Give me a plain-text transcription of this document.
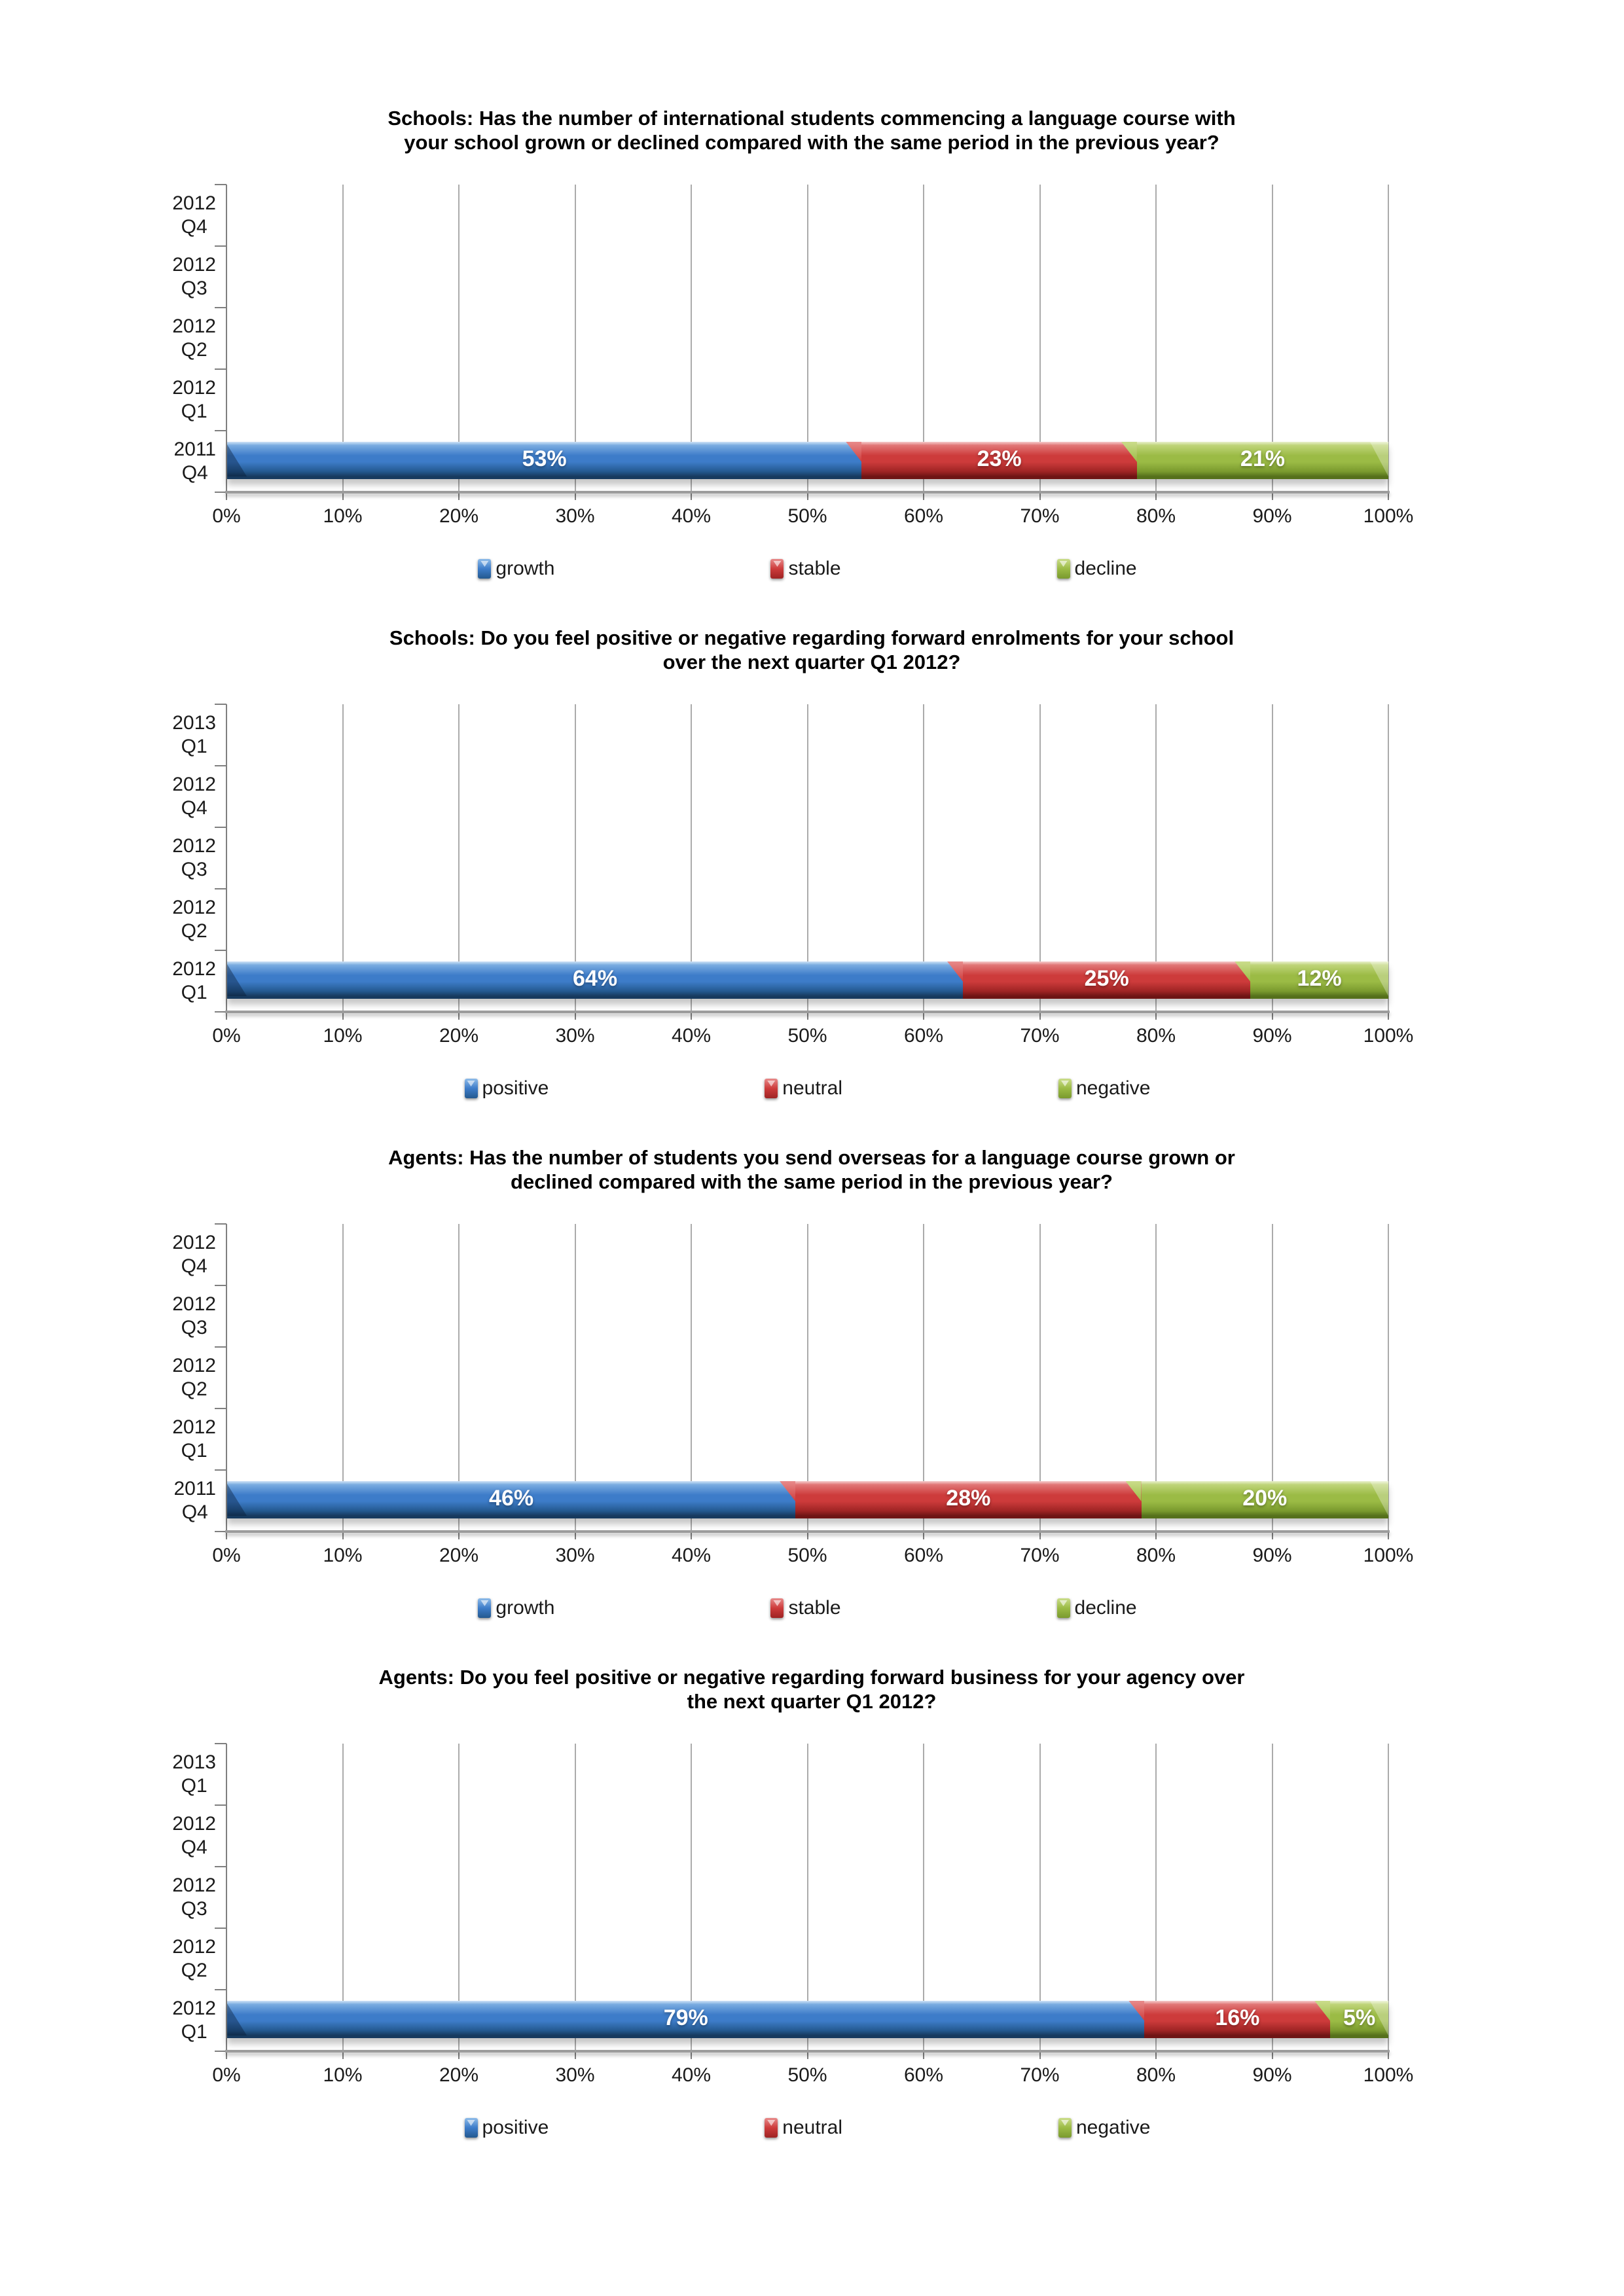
Schools: Has the number of international students commencing a language course with
your school grown or declined compared with the same period in the previous year?
2012
Q4
2012
Q3
2012
Q2
2012
Q1
2011
Q4
53%	23%	21%
0%	10%	20%	30%	40%	50%	60%	70%	80%	90%	100%
growth	stable	decline
Schools: Do you feel positive or negative regarding forward enrolments for your school
over the next quarter Q1 2012?
2013
Q1
2012
Q4
2012
Q3
2012
Q2
2012
Q1
64%	25%	12%
0%	10%	20%	30%	40%	50%	60%	70%	80%	90%	100%
positive	neutral	negative
Agents: Has the number of students you send overseas for a language course grown or
declined compared with the same period in the previous year?
2012
Q4
2012
Q3
2012
Q2
2012
Q1
2011
Q4
46%	28%	20%
0%	10%	20%	30%	40%	50%	60%	70%	80%	90%	100%
growth	stable	decline
Agents: Do you feel positive or negative regarding forward business for your agency over
the next quarter Q1 2012?
2013
Q1
2012
Q4
2012
Q3
2012
Q2
2012
Q1
79%	16%	5%
0%	10%	20%	30%	40%	50%	60%	70%	80%	90%	100%
positive	neutral	negative
